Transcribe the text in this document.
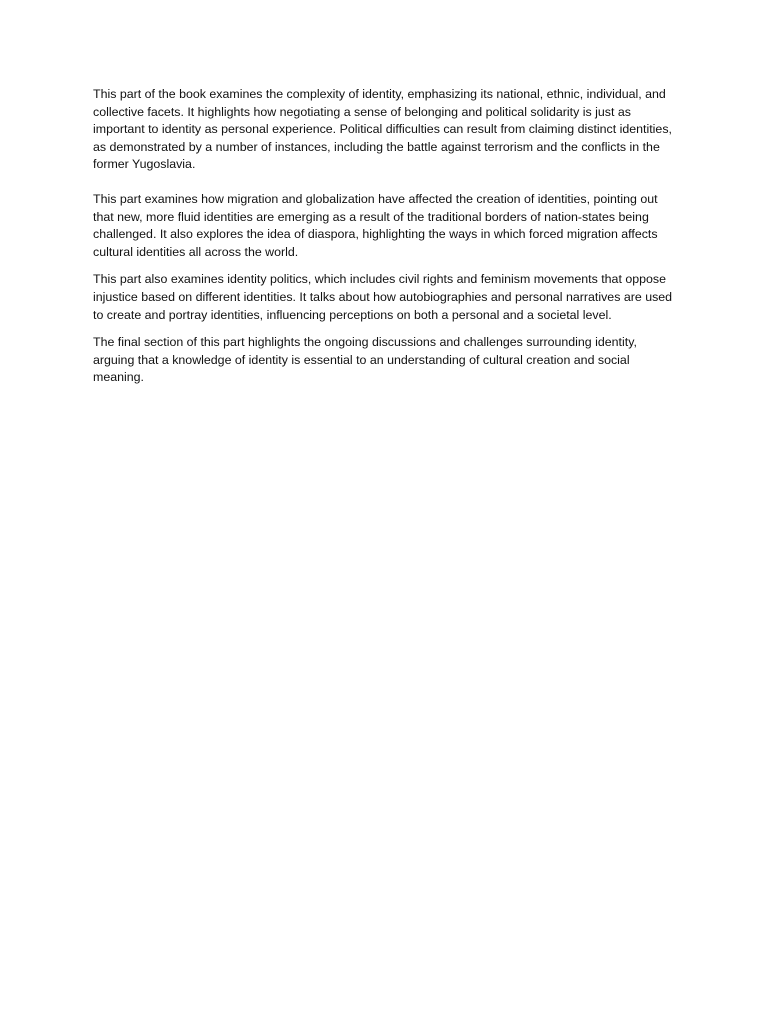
This part of the book examines the complexity of identity, emphasizing its national, ethnic, individual, and collective facets. It highlights how negotiating a sense of belonging and political solidarity is just as important to identity as personal experience. Political difficulties can result from claiming distinct identities, as demonstrated by a number of instances, including the battle against terrorism and the conflicts in the former Yugoslavia.

This part examines how migration and globalization have affected the creation of identities, pointing out that new, more fluid identities are emerging as a result of the traditional borders of nation-states being challenged. It also explores the idea of diaspora, highlighting the ways in which forced migration affects cultural identities all across the world.

This part also examines identity politics, which includes civil rights and feminism movements that oppose injustice based on different identities. It talks about how autobiographies and personal narratives are used to create and portray identities, influencing perceptions on both a personal and a societal level.

The final section of this part highlights the ongoing discussions and challenges surrounding identity, arguing that a knowledge of identity is essential to an understanding of cultural creation and social meaning.
